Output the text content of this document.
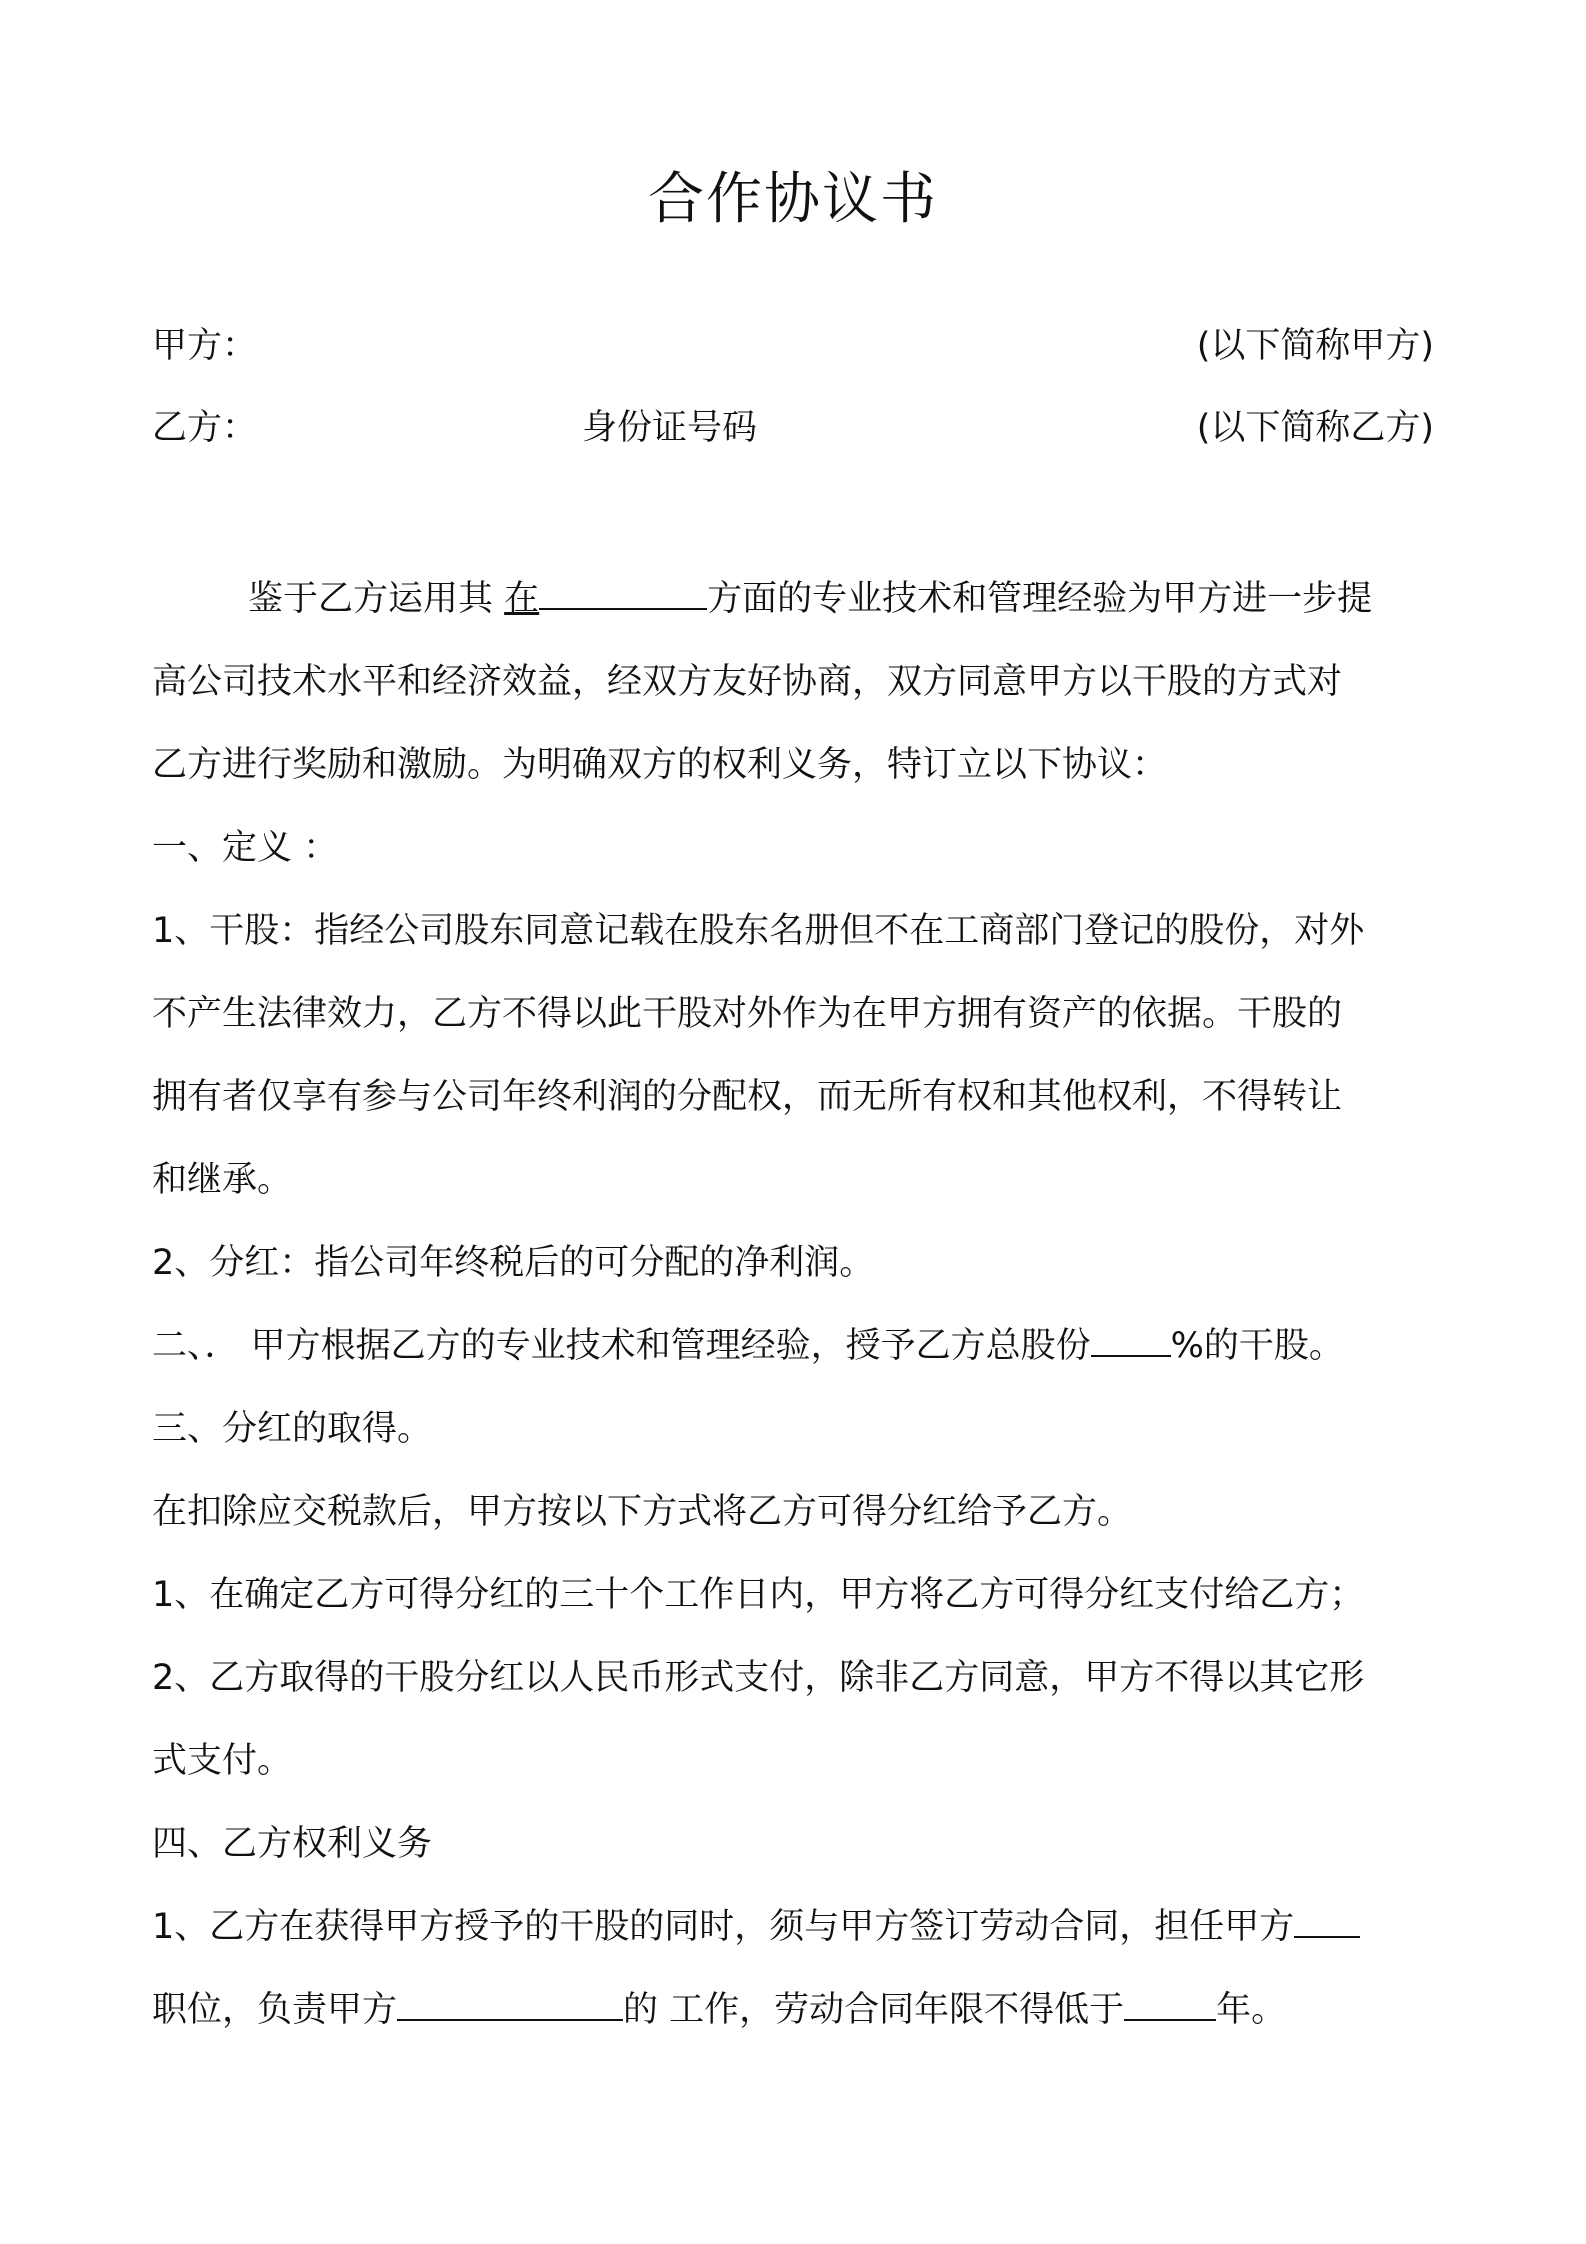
合作协议书
甲方：	(以下简称甲方)
乙方：	身份证号码	(以下简称乙方)
鉴于乙方运用其 在	方面的专业技术和管理经验为甲方进一步提
高公司技术水平和经济效益，经双方友好协商，双方同意甲方以干股的方式对
乙方进行奖励和激励。为明确双方的权利义务，特订立以下协议：
一、定义 ：
1、干股：指经公司股东同意记载在股东名册但不在工商部门登记的股份，对外
不产生法律效力，乙方不得以此干股对外作为在甲方拥有资产的依据。干股的
拥有者仅享有参与公司年终利润的分配权，而无所有权和其他权利，不得转让
和继承。
2、分红：指公司年终税后的可分配的净利润。
二、． 甲方根据乙方的专业技术和管理经验，授予乙方总股份 %的干股。
三、分红的取得。
在扣除应交税款后，甲方按以下方式将乙方可得分红给予乙方。
1、在确定乙方可得分红的三十个工作日内，甲方将乙方可得分红支付给乙方；
2、乙方取得的干股分红以人民币形式支付，除非乙方同意，甲方不得以其它形
式支付。
四、乙方权利义务
1、乙方在获得甲方授予的干股的同时，须与甲方签订劳动合同，担任甲方
职位，负责甲方	的 工作，劳动合同年限不得低于	年。
